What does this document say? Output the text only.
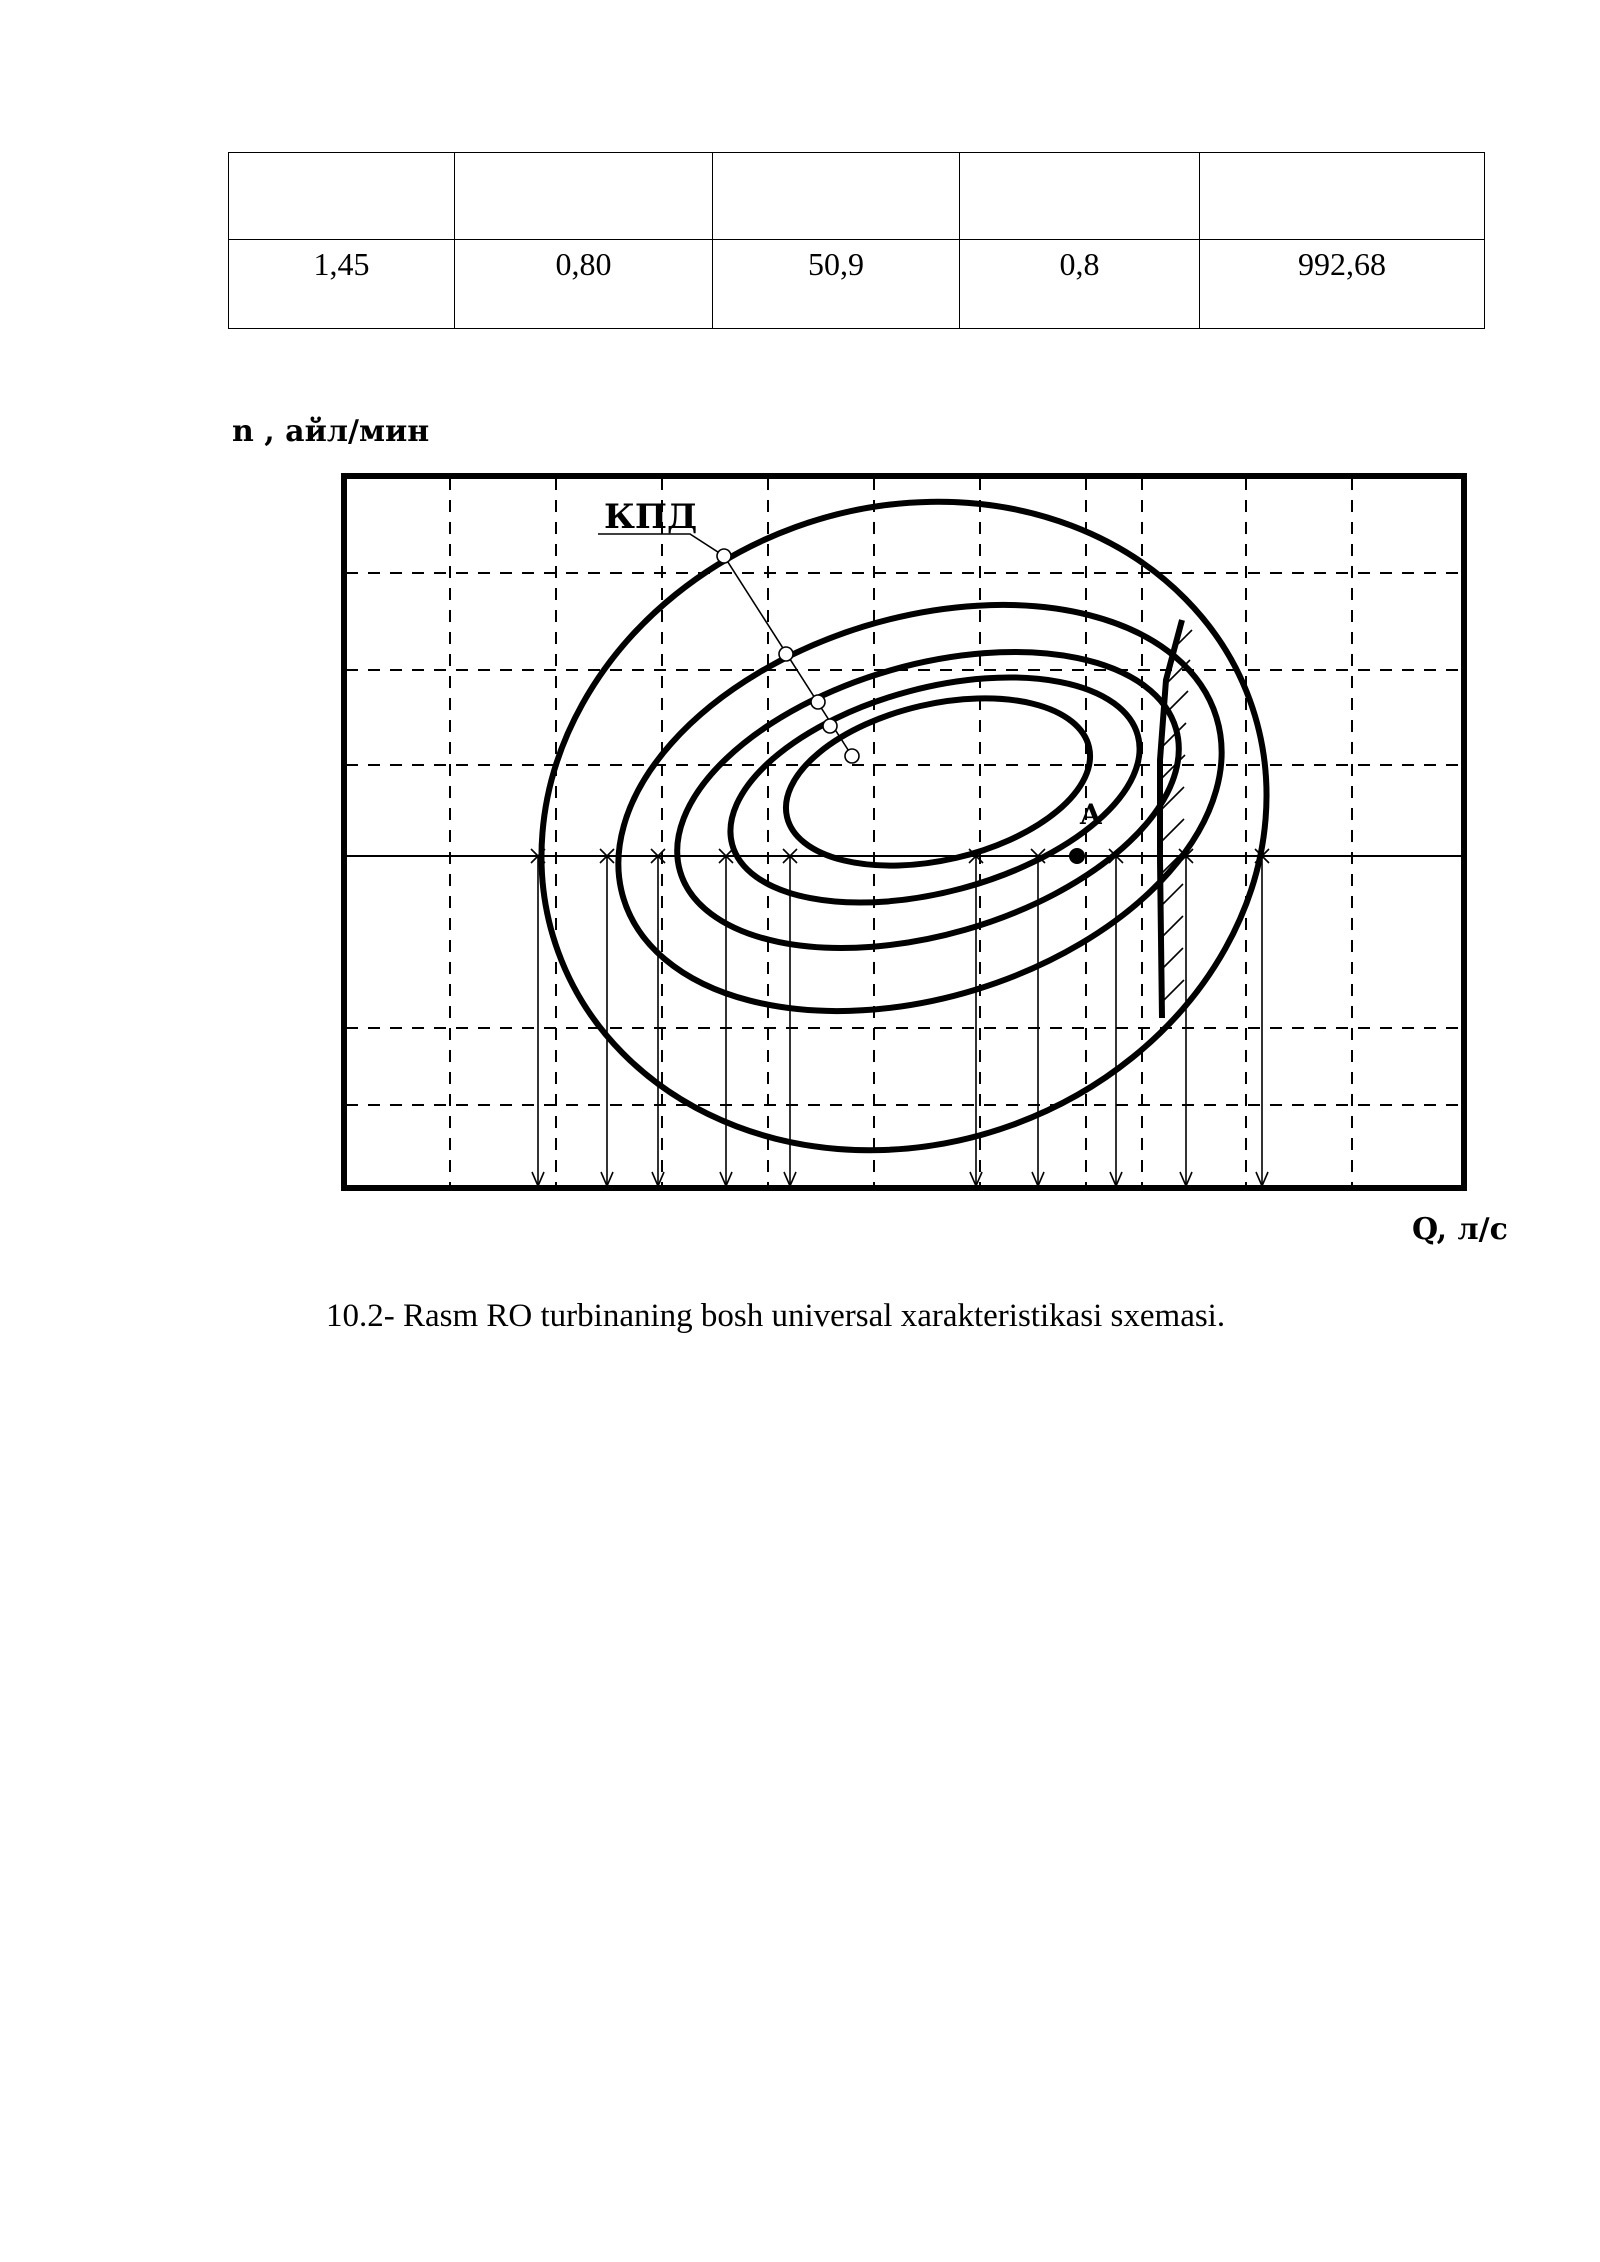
1,45	0,80	50,9	0,8	992,68
n , айл/мин
Q, л/с
КПД
A
10.2- Rasm RO turbinaning bosh universal xarakteristikasi sxemasi.
